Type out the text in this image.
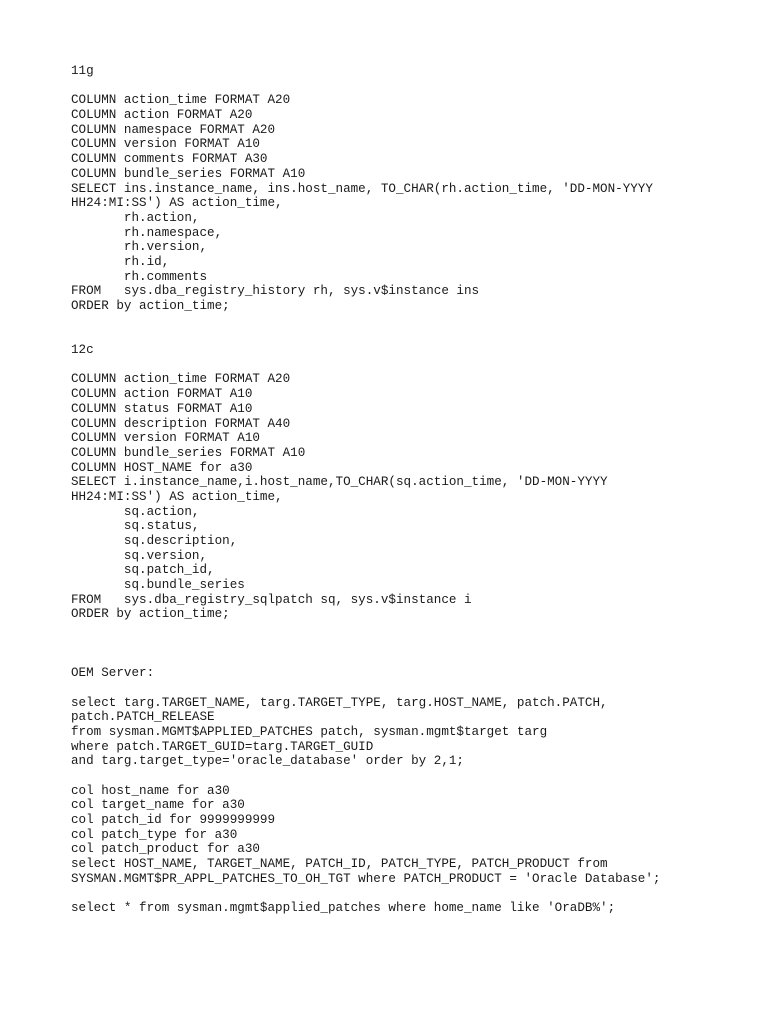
11g
COLUMN action_time FORMAT A20
COLUMN action FORMAT A20
COLUMN namespace FORMAT A20
COLUMN version FORMAT A10
COLUMN comments FORMAT A30
COLUMN bundle_series FORMAT A10
SELECT ins.instance_name, ins.host_name, TO_CHAR(rh.action_time, 'DD-MON-YYYY
HH24:MI:SS') AS action_time,
rh.action,
rh.namespace,
rh.version,
rh.id,
rh.comments
FROM   sys.dba_registry_history rh, sys.v$instance ins
ORDER by action_time;
12c
COLUMN action_time FORMAT A20
COLUMN action FORMAT A10
COLUMN status FORMAT A10
COLUMN description FORMAT A40
COLUMN version FORMAT A10
COLUMN bundle_series FORMAT A10
COLUMN HOST_NAME for a30
SELECT i.instance_name,i.host_name,TO_CHAR(sq.action_time, 'DD-MON-YYYY
HH24:MI:SS') AS action_time,
sq.action,
sq.status,
sq.description,
sq.version,
sq.patch_id,
sq.bundle_series
FROM   sys.dba_registry_sqlpatch sq, sys.v$instance i
ORDER by action_time;
OEM Server:
select targ.TARGET_NAME, targ.TARGET_TYPE, targ.HOST_NAME, patch.PATCH,
patch.PATCH_RELEASE
from sysman.MGMT$APPLIED_PATCHES patch, sysman.mgmt$target targ
where patch.TARGET_GUID=targ.TARGET_GUID
and targ.target_type='oracle_database' order by 2,1;
col host_name for a30
col target_name for a30
col patch_id for 9999999999
col patch_type for a30
col patch_product for a30
select HOST_NAME, TARGET_NAME, PATCH_ID, PATCH_TYPE, PATCH_PRODUCT from
SYSMAN.MGMT$PR_APPL_PATCHES_TO_OH_TGT where PATCH_PRODUCT = 'Oracle Database';
select * from sysman.mgmt$applied_patches where home_name like 'OraDB%';
